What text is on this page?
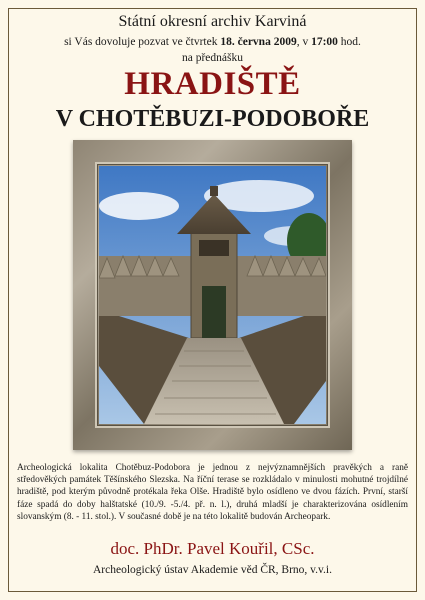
Státní okresní archiv Karviná
si Vás dovoluje pozvat ve čtvrtek 18. června 2009, v 17:00 hod.
na přednášku
HRADIŠTĚ
V CHOTĚBUZI-PODOBOŘE
Archeologická lokalita Chotěbuz-Podobora je jednou z nejvýznamnějších pravěkých a raně středověkých památek Těšínského Slezska. Na říční terase se rozkládalo v minulosti mohutné trojdílné hradiště, pod kterým původně protékala řeka Olše. Hradiště bylo osídleno ve dvou fázích. První, starší fáze spadá do doby halštatské (10./9. -5./4. př. n. l.), druhá mladší je charakterizována osídlením slovanským (8. - 11. stol.). V současné době je na této lokalitě budován Archeopark.
doc. PhDr. Pavel Kouřil, CSc.
Archeologický ústav Akademie věd ČR, Brno, v.v.i.
